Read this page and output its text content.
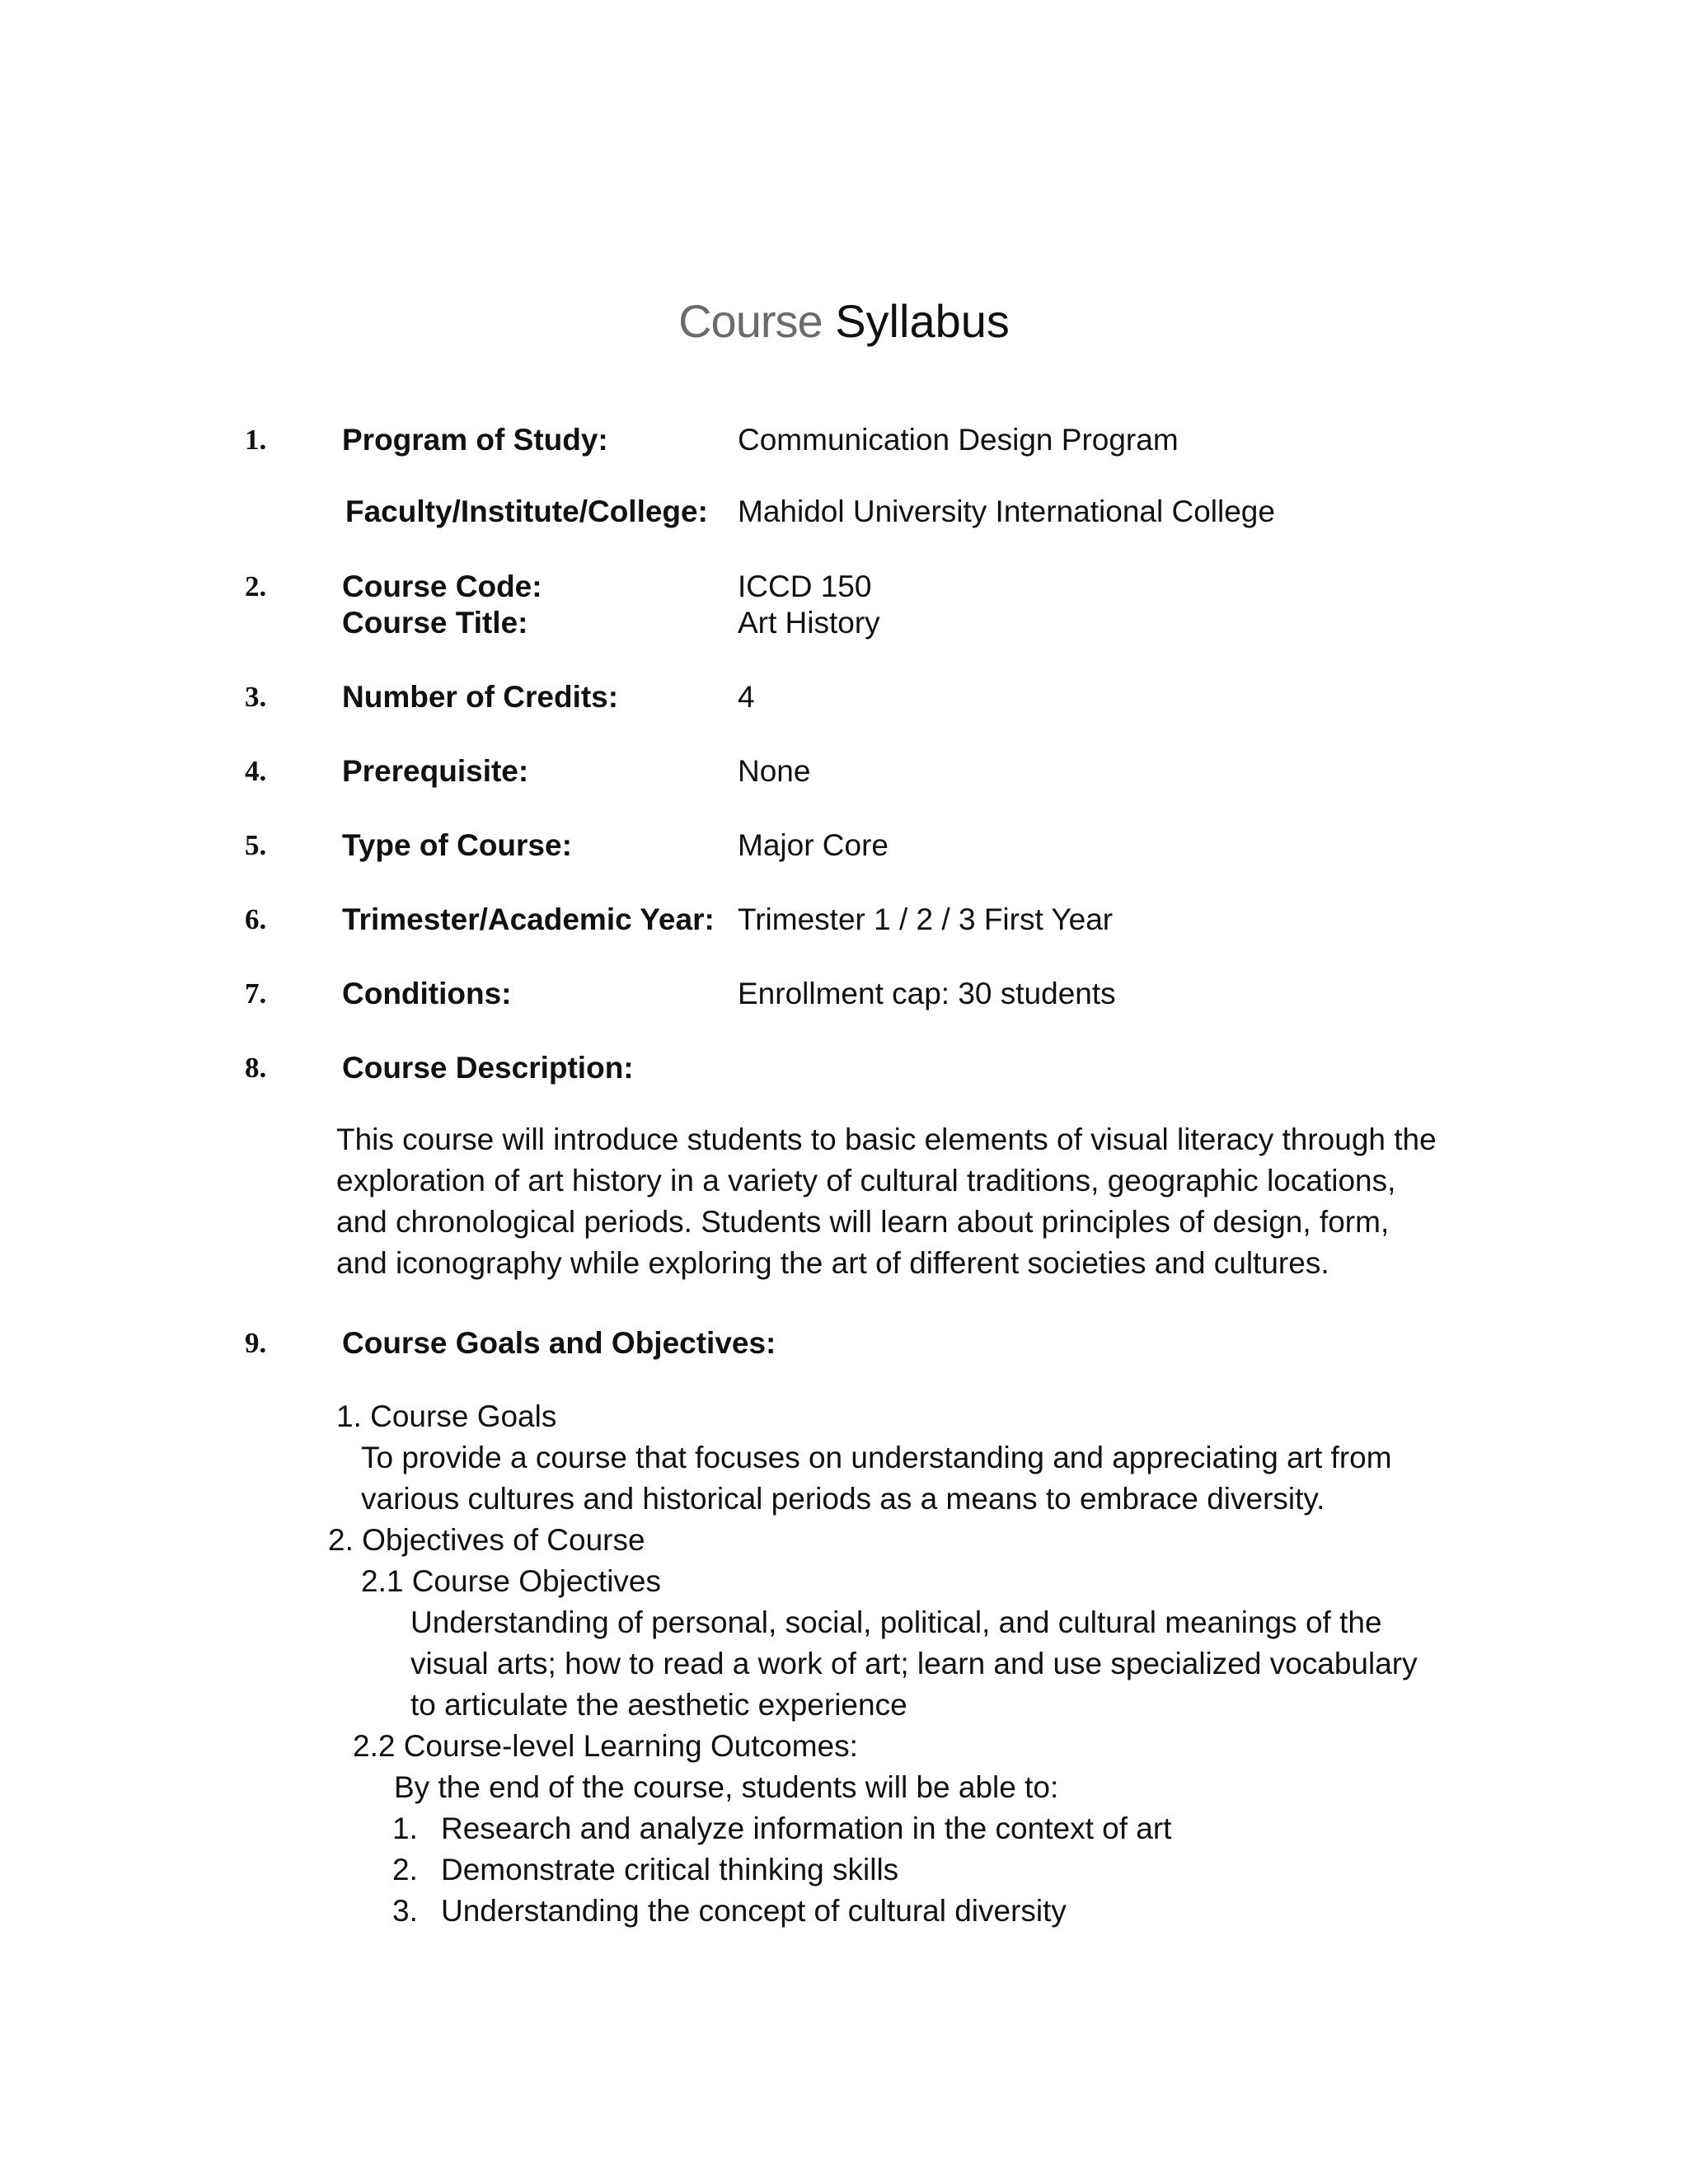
Course Syllabus
1. Program of Study:	Communication Design Program
Faculty/Institute/College: Mahidol University International College
2. Course Code:	ICCD 150
Course Title:	Art History
3. Number of Credits:	4
4. Prerequisite:	None
5. Type of Course:	Major Core
6. Trimester/Academic Year: Trimester 1 / 2 / 3 First Year
7. Conditions:	Enrollment cap: 30 students
8. Course Description:
This course will introduce students to basic elements of visual literacy through the
exploration of art history in a variety of cultural traditions, geographic locations,
and chronological periods. Students will learn about principles of design, form,
and iconography while exploring the art of different societies and cultures.
9. Course Goals and Objectives:
1. Course Goals
To provide a course that focuses on understanding and appreciating art from
various cultures and historical periods as a means to embrace diversity.
2. Objectives of Course
2.1 Course Objectives
Understanding of personal, social, political, and cultural meanings of the
visual arts; how to read a work of art; learn and use specialized vocabulary
to articulate the aesthetic experience
2.2 Course-level Learning Outcomes:
By the end of the course, students will be able to:
1. Research and analyze information in the context of art
2. Demonstrate critical thinking skills
3. Understanding the concept of cultural diversity
